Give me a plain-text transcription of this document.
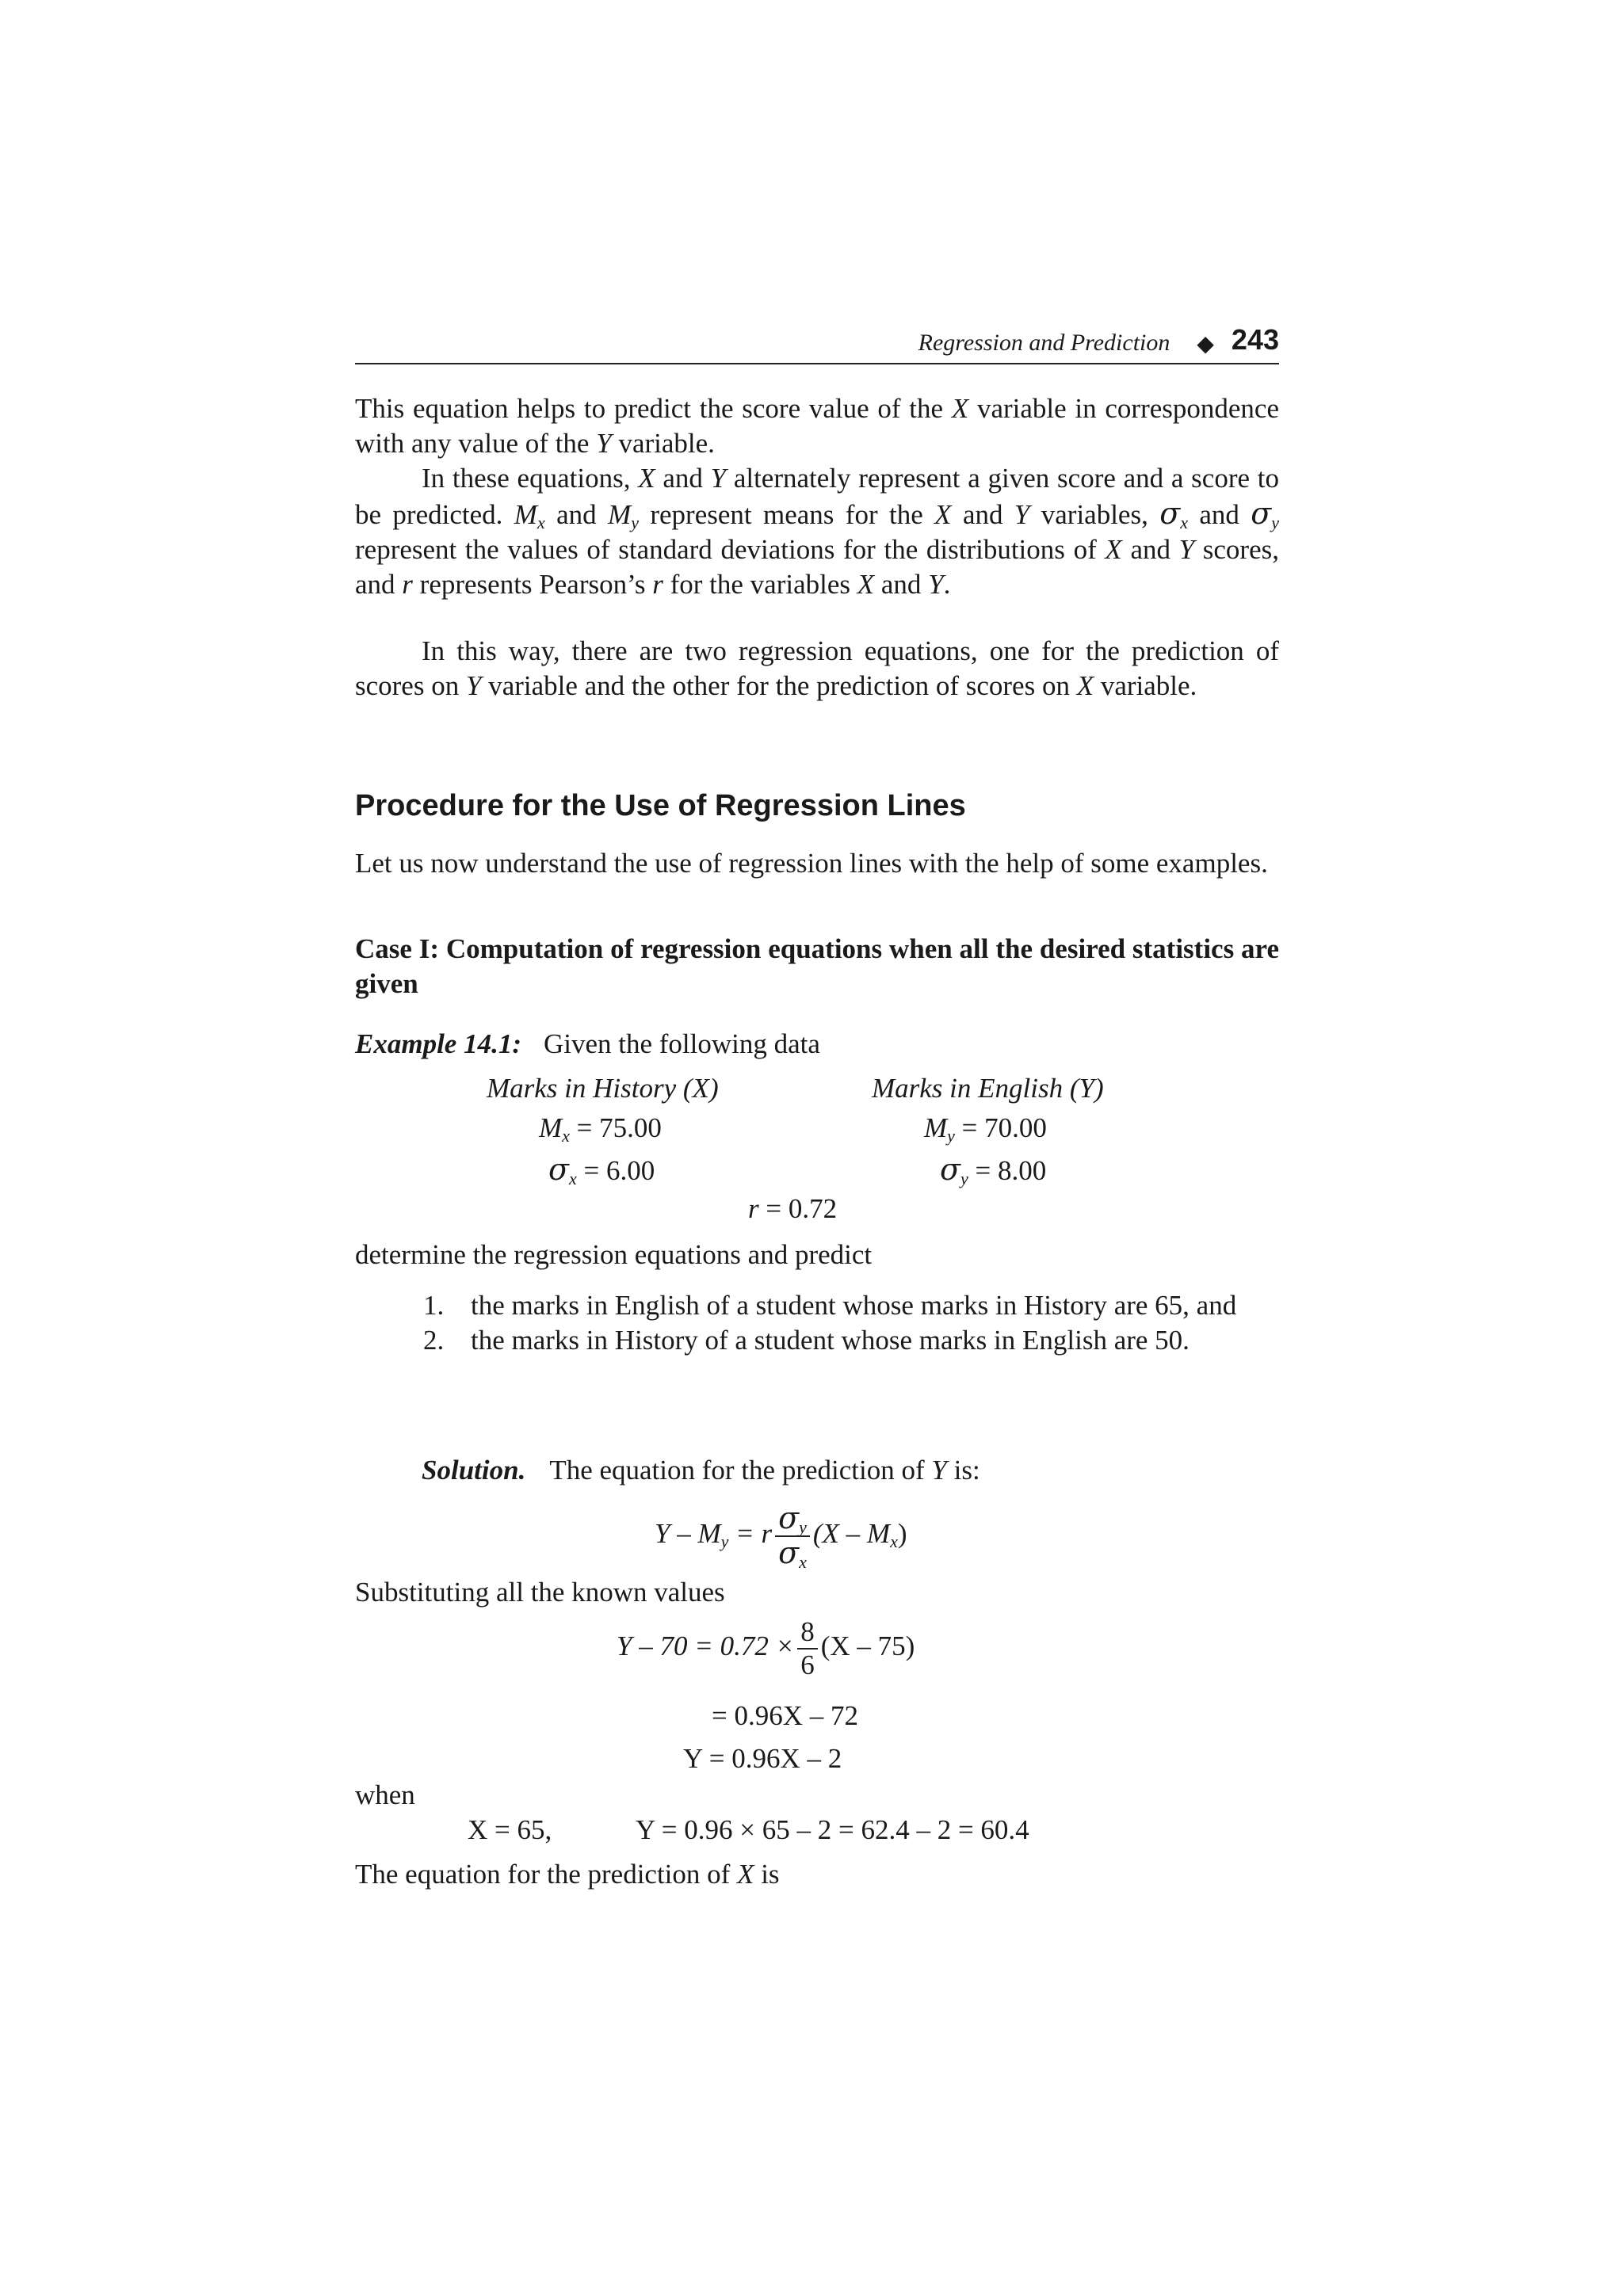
Regression and Prediction ◆ 243

This equation helps to predict the score value of the X variable in correspondence with any value of the Y variable.

In these equations, X and Y alternately represent a given score and a score to be predicted. $M_x$ and $M_y$ represent means for the X and Y variables, $\sigma_x$ and $\sigma_y$ represent the values of standard deviations for the distributions of X and Y scores, and r represents Pearson’s r for the variables X and Y.

In this way, there are two regression equations, one for the prediction of scores on Y variable and the other for the prediction of scores on X variable.

Procedure for the Use of Regression Lines

Let us now understand the use of regression lines with the help of some examples.

Case I: Computation of regression equations when all the desired statistics are given
Example 14.1: Given the following data
Marks in History (X)	Marks in English (Y)
$M_x = 75.00$	$M_y = 70.00$
$\sigma_x = 6.00$	$\sigma_y = 8.00$
r = 0.72

determine the regression equations and predict

1. the marks in English of a student whose marks in History are 65, and
2. the marks in History of a student whose marks in English are 50.
Solution. The equation for the prediction of Y is:
$Y - M_y = r \frac{\sigma_y}{\sigma_x} (X - M_x)$

Substituting all the known values

$Y - 70 = 0.72 \times \frac{8}{6} (X - 75)$
= 0.96X – 72
Y = 0.96X – 2

when

X = 65,	Y = 0.96 × 65 – 2 = 62.4 – 2 = 60.4

The equation for the prediction of X is
